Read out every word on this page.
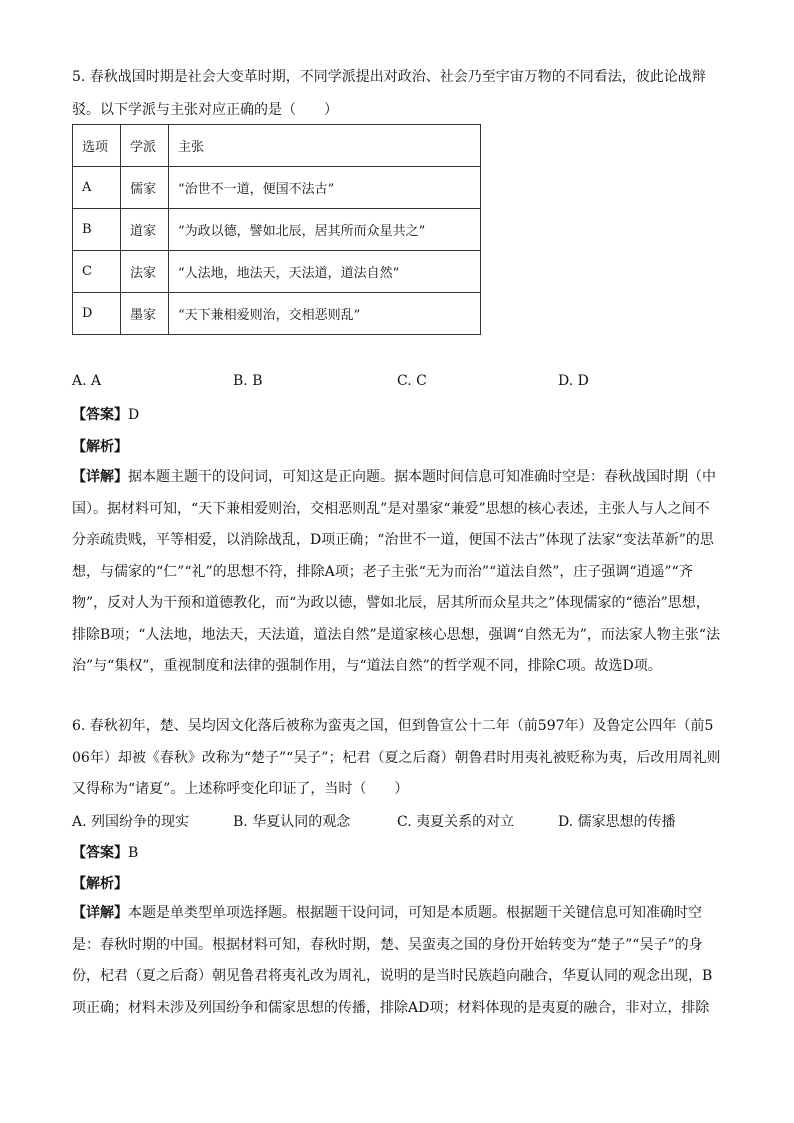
5. 春秋战国时期是社会大变革时期，不同学派提出对政治、社会乃至宇宙万物的不同看法，彼此论战辩
驳。以下学派与主张对应正确的是（　　）
选项	学派	主张
A	儒家	“治世不一道，便国不法古”
B	道家	“为政以德，譬如北辰，居其所而众星共之”
C	法家	“人法地，地法天，天法道，道法自然”
D	墨家	“天下兼相爱则治，交相恶则乱”
A. A	B. B	C. C	D. D
【答案】D
【解析】
【详解】据本题主题干的设问词，可知这是正向题。据本题时间信息可知准确时空是：春秋战国时期（中国）。据材料可知，“天下兼相爱则治，交相恶则乱”是对墨家“兼爱”思想的核心表述，主张人与人之间不分亲疏贵贱，平等相爱，以消除战乱，D项正确；“治世不一道，便国不法古”体现了法家“变法革新”的思想，与儒家的“仁”“礼”的思想不符，排除A项；老子主张“无为而治”“道法自然”，庄子强调“逍遥”“齐物”，反对人为干预和道德教化，而“为政以德，譬如北辰，居其所而众星共之”体现儒家的“德治”思想，排除B项；“人法地，地法天，天法道，道法自然”是道家核心思想，强调“自然无为”，而法家人物主张“法治”与“集权”，重视制度和法律的强制作用，与“道法自然”的哲学观不同，排除C项。故选D项。
6. 春秋初年，楚、吴均因文化落后被称为蛮夷之国，但到鲁宣公十二年（前597年）及鲁定公四年（前506年）却被《春秋》改称为“楚子”“吴子”；杞君（夏之后裔）朝鲁君时用夷礼被贬称为夷，后改用周礼则又得称为“诸夏”。上述称呼变化印证了，当时（　　）
A. 列国纷争的现实	B. 华夏认同的观念	C. 夷夏关系的对立	D. 儒家思想的传播
【答案】B
【解析】
【详解】本题是单类型单项选择题。根据题干设问词，可知是本质题。根据题干关键信息可知准确时空是：春秋时期的中国。根据材料可知，春秋时期，楚、吴蛮夷之国的身份开始转变为“楚子”“吴子”的身份，杞君（夏之后裔）朝见鲁君将夷礼改为周礼，说明的是当时民族趋向融合，华夏认同的观念出现，B项正确；材料未涉及列国纷争和儒家思想的传播，排除AD项；材料体现的是夷夏的融合，非对立，排除
